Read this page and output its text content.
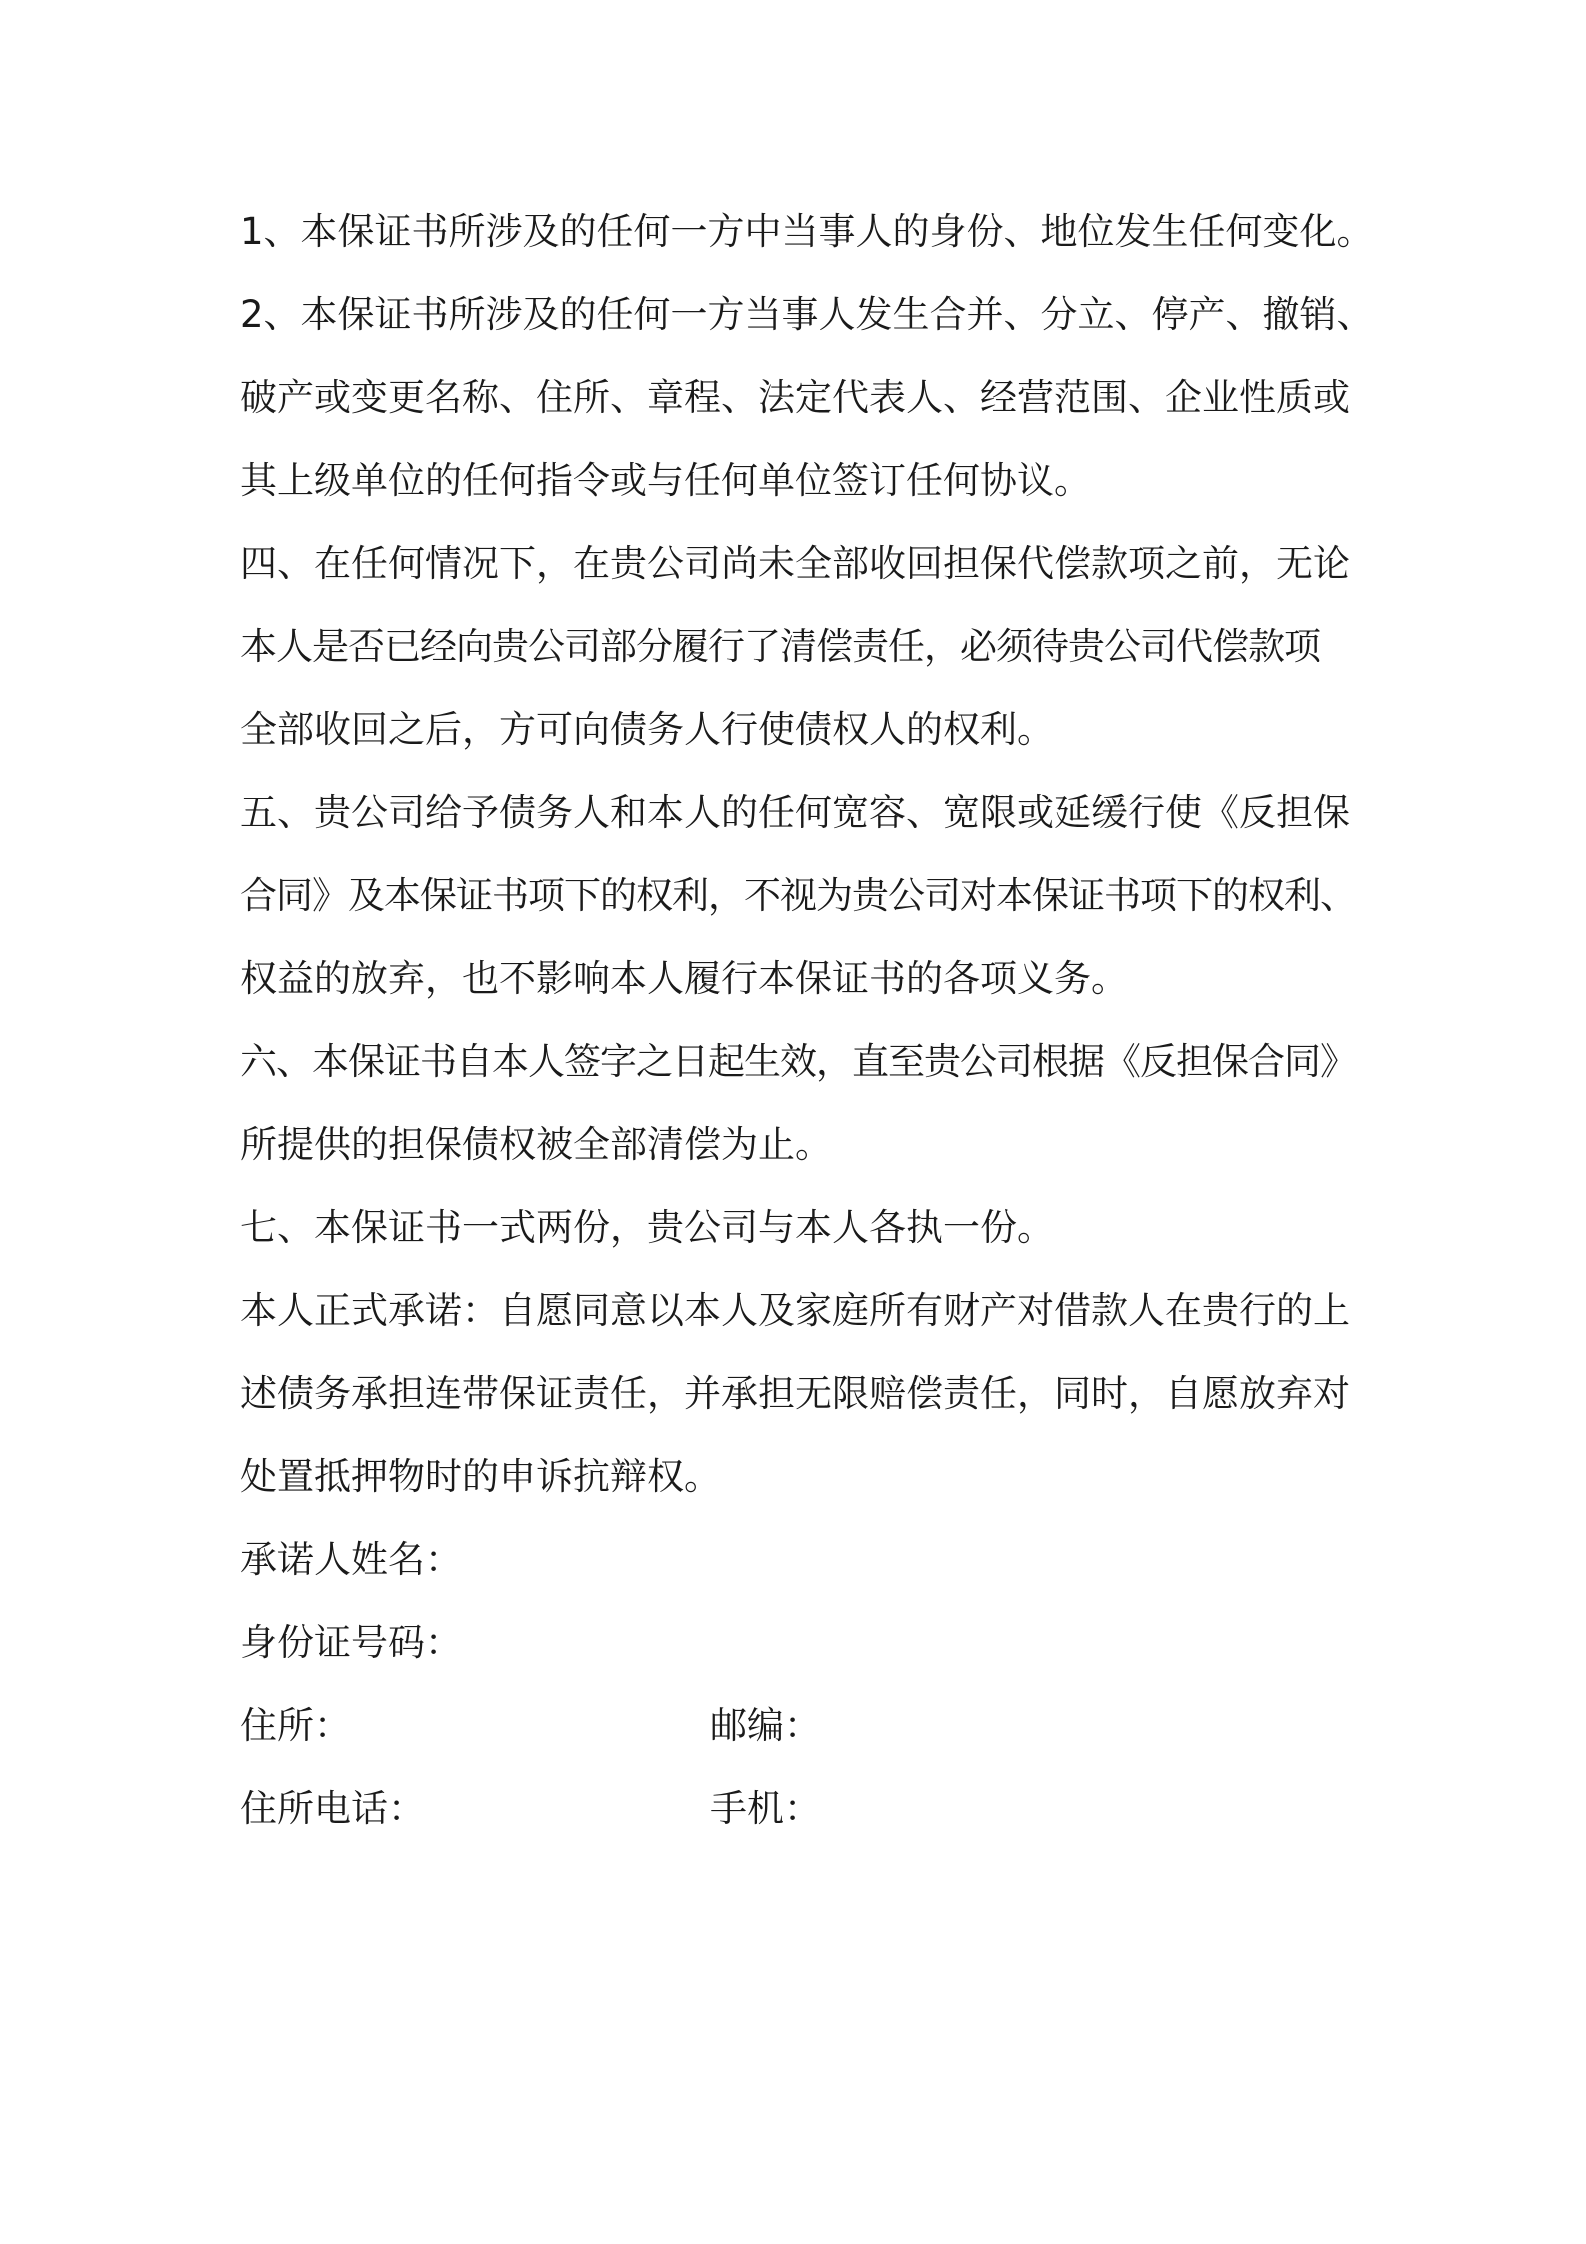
1、本保证书所涉及的任何一方中当事人的身份、地位发生任何变化。
2、本保证书所涉及的任何一方当事人发生合并、分立、停产、撤销、
破产或变更名称、住所、章程、法定代表人、经营范围、企业性质或
其上级单位的任何指令或与任何单位签订任何协议。
四、在任何情况下，在贵公司尚未全部收回担保代偿款项之前，无论
本人是否已经向贵公司部分履行了清偿责任，必须待贵公司代偿款项
全部收回之后，方可向债务人行使债权人的权利。
五、贵公司给予债务人和本人的任何宽容、宽限或延缓行使《反担保
合同》及本保证书项下的权利，不视为贵公司对本保证书项下的权利、
权益的放弃，也不影响本人履行本保证书的各项义务。
六、本保证书自本人签字之日起生效，直至贵公司根据《反担保合同》
所提供的担保债权被全部清偿为止。
七、本保证书一式两份，贵公司与本人各执一份。
本人正式承诺：自愿同意以本人及家庭所有财产对借款人在贵行的上
述债务承担连带保证责任，并承担无限赔偿责任，同时，自愿放弃对
处置抵押物时的申诉抗辩权。
承诺人姓名：
身份证号码：
住所：	邮编：
住所电话：	手机：
